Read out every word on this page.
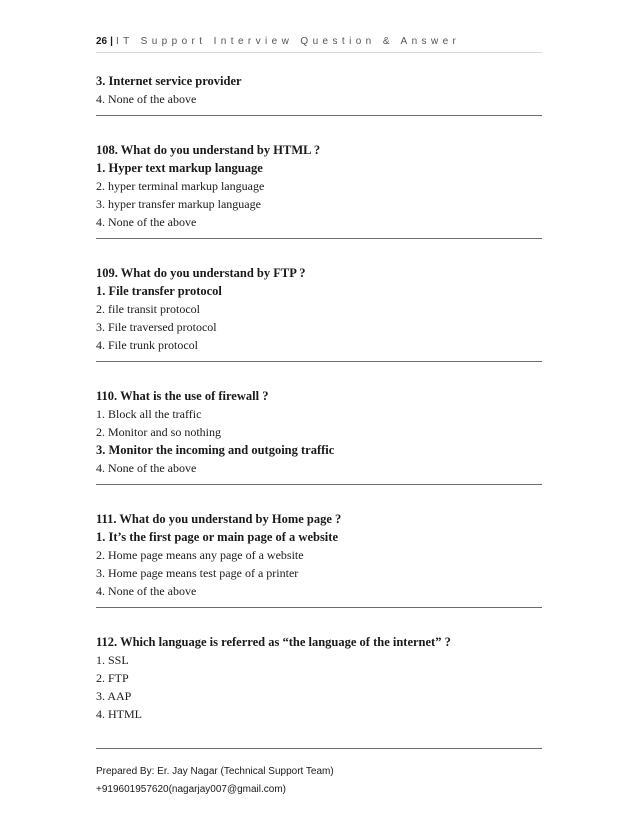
26 | IT Support Interview Question & Answer
3. Internet service provider
4. None of the above
108. What do you understand by HTML ?
1. Hyper text markup language
2. hyper terminal markup language
3. hyper transfer markup language
4. None of the above
109. What do you understand by FTP ?
1. File transfer protocol
2. file transit protocol
3. File traversed protocol
4. File trunk protocol
110. What is the use of firewall ?
1. Block all the traffic
2. Monitor and so nothing
3. Monitor the incoming and outgoing traffic
4. None of the above
111. What do you understand by Home page ?
1. It’s the first page or main page of a website
2. Home page means any page of a website
3. Home page means test page of a printer
4. None of the above
112. Which language is referred as “the language of the internet” ?
1. SSL
2. FTP
3. AAP
4. HTML
Prepared By: Er. Jay Nagar (Technical Support Team)
+919601957620(nagarjay007@gmail.com)
